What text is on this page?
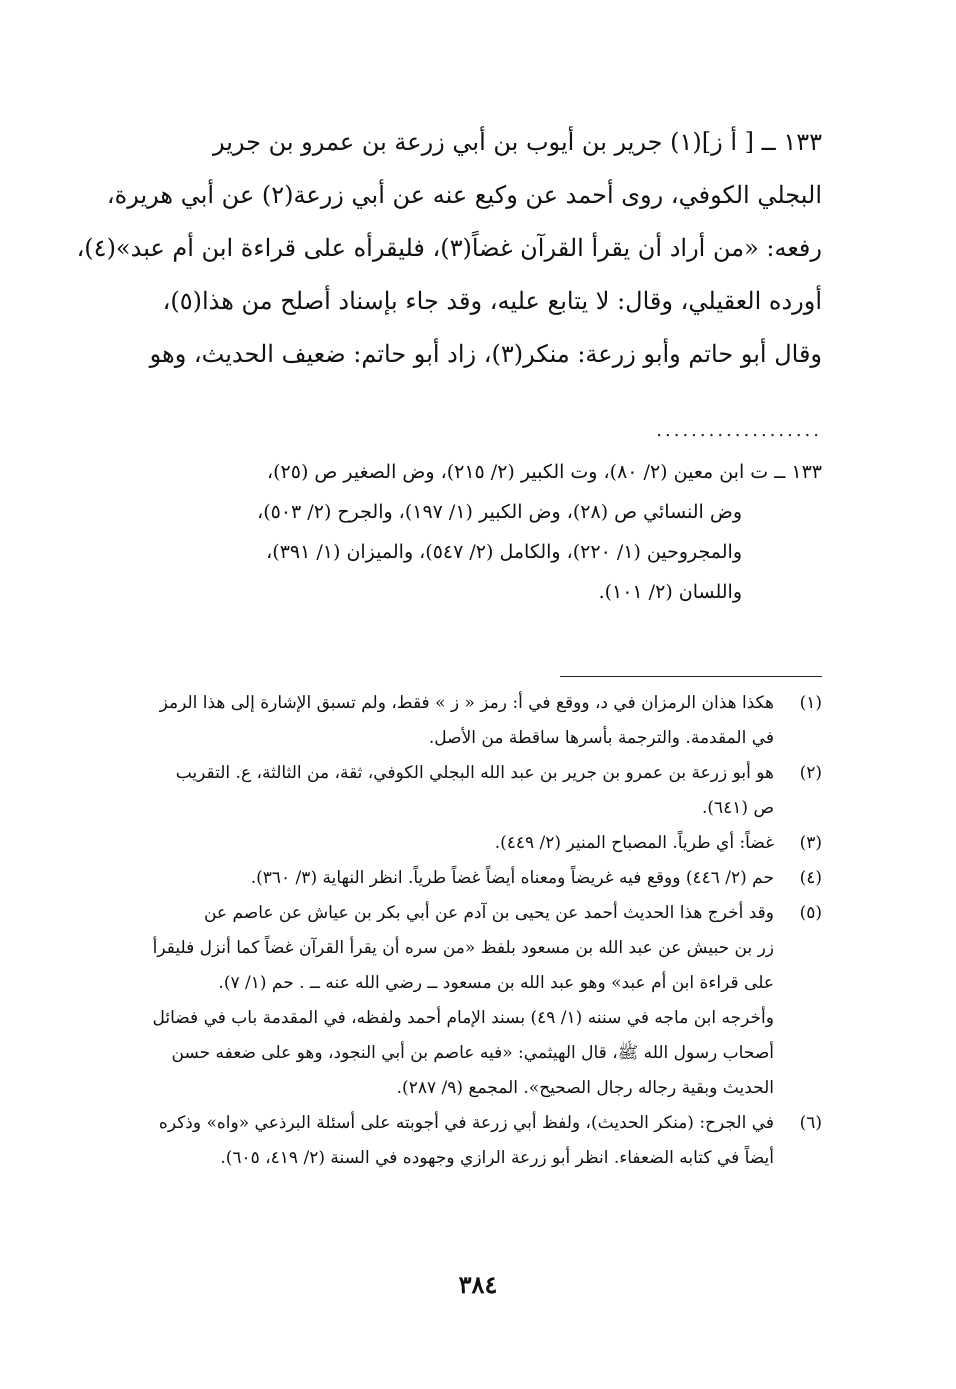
١٣٣ ــ [ أ ز](١) جرير بن أيوب بن أبي زرعة بن عمرو بن جرير

البجلي الكوفي، روى أحمد عن وكيع عنه عن أبي زرعة(٢) عن أبي هريرة،

رفعه: «من أراد أن يقرأ القرآن غضاً(٣)، فليقرأه على قراءة ابن أم عبد»(٤)،

أورده العقيلي، وقال: لا يتابع عليه، وقد جاء بإسناد أصلح من هذا(٥)،

وقال أبو حاتم وأبو زرعة: منكر(٣)، زاد أبو حاتم: ضعيف الحديث، وهو

...................

١٣٣ ــ ت ابن معين (٢/ ٨٠)، وت الكبير (٢/ ٢١٥)، وض الصغير ص (٢٥)،

وض النسائي ص (٢٨)، وض الكبير (١/ ١٩٧)، والجرح (٢/ ٥٠٣)،

والمجروحين (١/ ٢٢٠)، والكامل (٢/ ٥٤٧)، والميزان (١/ ٣٩١)،

واللسان (٢/ ١٠١).

(١)

هكذا هذان الرمزان في د، ووقع في أ: رمز « ز » فقط، ولم تسبق الإشارة إلى هذا الرمز

في المقدمة. والترجمة بأسرها ساقطة من الأصل.

(٢)

هو أبو زرعة بن عمرو بن جرير بن عبد الله البجلي الكوفي، ثقة، من الثالثة، ع. التقريب

ص (٦٤١).

(٣)

غضاً: أي طرياً. المصباح المنير (٢/ ٤٤٩).

(٤)

حم (٢/ ٤٤٦) ووقع فيه غريضاً ومعناه أيضاً غضاً طرياً. انظر النهاية (٣/ ٣٦٠).

(٥)

وقد أخرج هذا الحديث أحمد عن يحيى بن آدم عن أبي بكر بن عياش عن عاصم عن

زر بن حبيش عن عبد الله بن مسعود بلفظ «من سره أن يقرأ القرآن غضاً كما أنزل فليقرأ

على قراءة ابن أم عبد» وهو عبد الله بن مسعود ــ رضي الله عنه ــ . حم (١/ ٧).

وأخرجه ابن ماجه في سننه (١/ ٤٩) بسند الإمام أحمد ولفظه، في المقدمة باب في فضائل

أصحاب رسول الله ﷺ، قال الهيثمي: «فيه عاصم بن أبي النجود، وهو على ضعفه حسن

الحديث وبقية رجاله رجال الصحيح». المجمع (٩/ ٢٨٧).

(٦)

في الجرح: (منكر الحديث)، ولفظ أبي زرعة في أجوبته على أسئلة البرذعي «واه» وذكره

أيضاً في كتابه الضعفاء. انظر أبو زرعة الرازي وجهوده في السنة (٢/ ٤١٩، ٦٠٥).

٣٨٤
